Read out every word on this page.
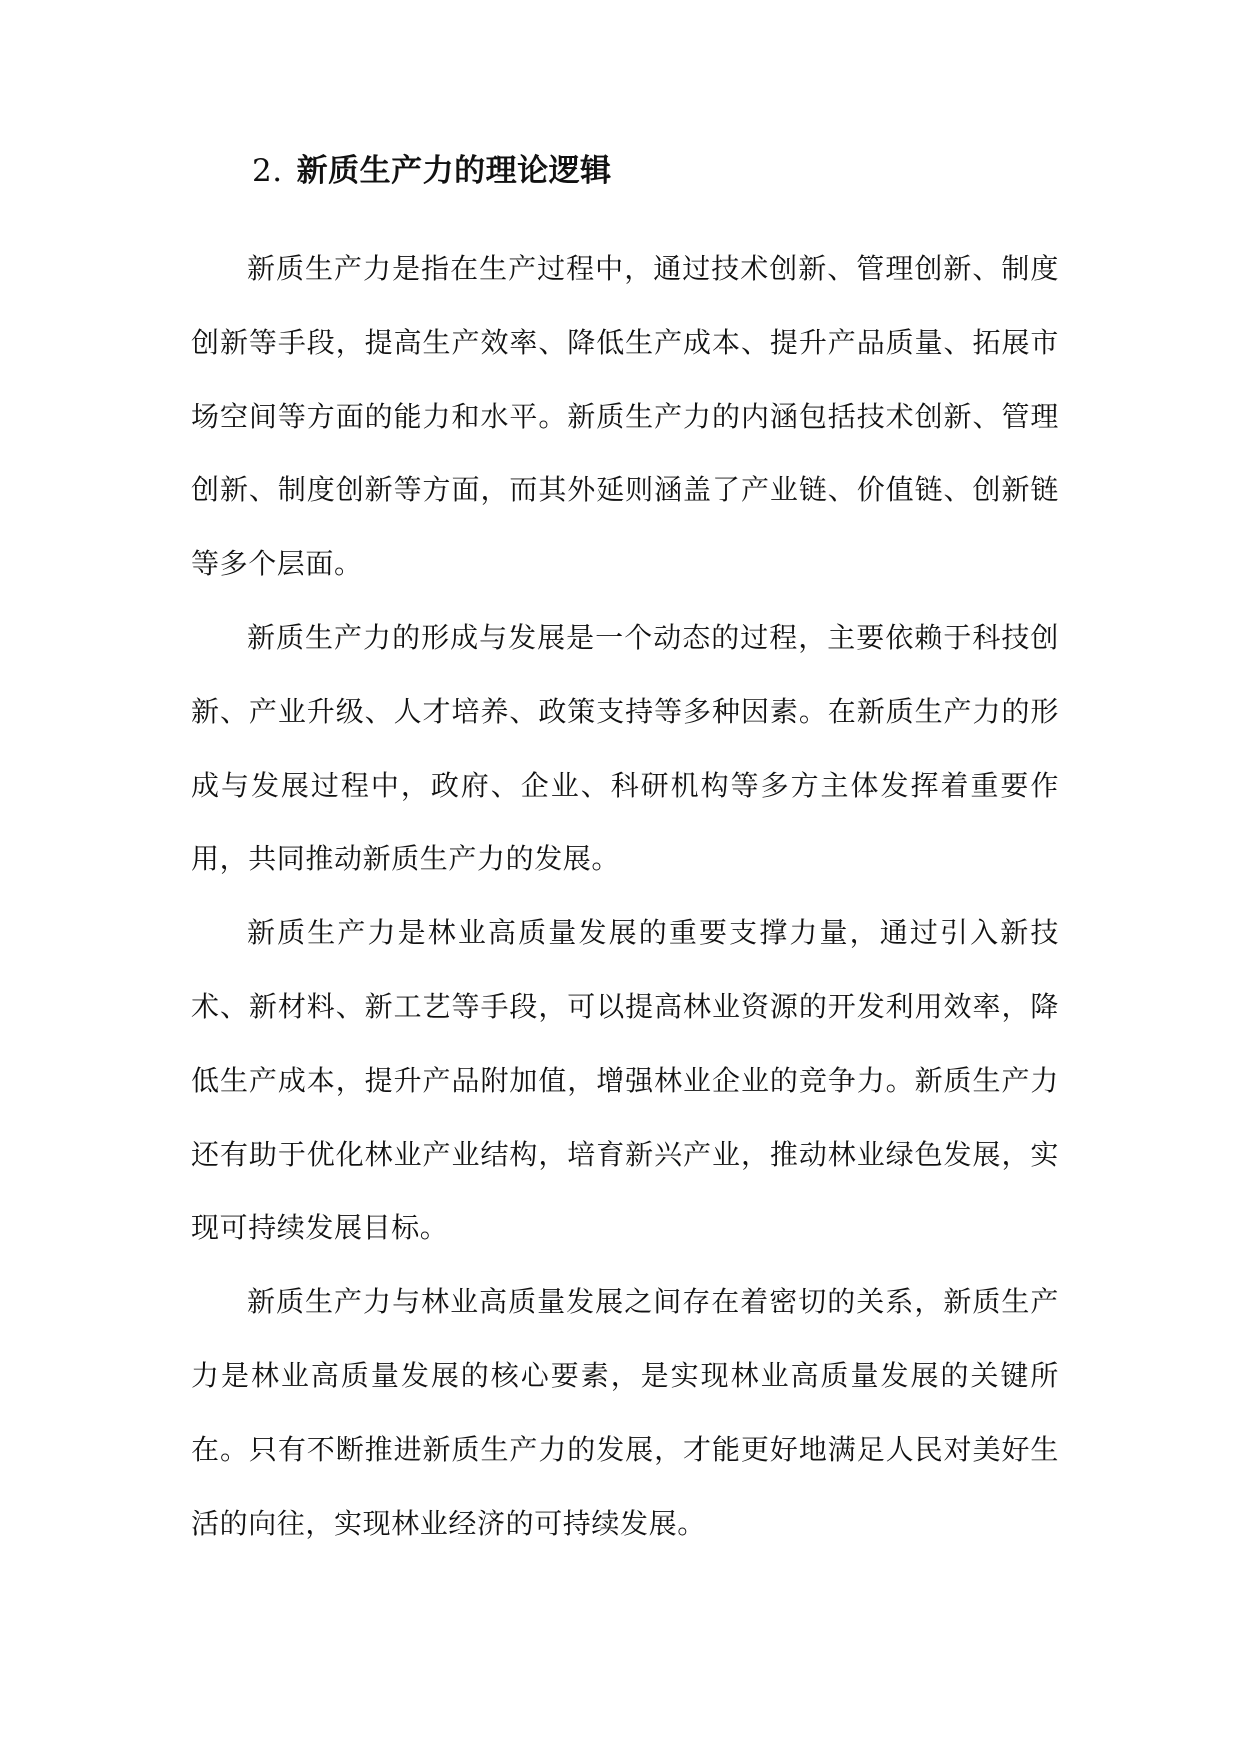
2. 新质生产力的理论逻辑

新质生产力是指在生产过程中，通过技术创新、管理创新、制度创新等手段，提高生产效率、降低生产成本、提升产品质量、拓展市场空间等方面的能力和水平。新质生产力的内涵包括技术创新、管理创新、制度创新等方面，而其外延则涵盖了产业链、价值链、创新链等多个层面。

新质生产力的形成与发展是一个动态的过程，主要依赖于科技创新、产业升级、人才培养、政策支持等多种因素。在新质生产力的形成与发展过程中，政府、企业、科研机构等多方主体发挥着重要作用，共同推动新质生产力的发展。

新质生产力是林业高质量发展的重要支撑力量，通过引入新技术、新材料、新工艺等手段，可以提高林业资源的开发利用效率，降低生产成本，提升产品附加值，增强林业企业的竞争力。新质生产力还有助于优化林业产业结构，培育新兴产业，推动林业绿色发展，实现可持续发展目标。

新质生产力与林业高质量发展之间存在着密切的关系，新质生产力是林业高质量发展的核心要素，是实现林业高质量发展的关键所在。只有不断推进新质生产力的发展，才能更好地满足人民对美好生活的向往，实现林业经济的可持续发展。
